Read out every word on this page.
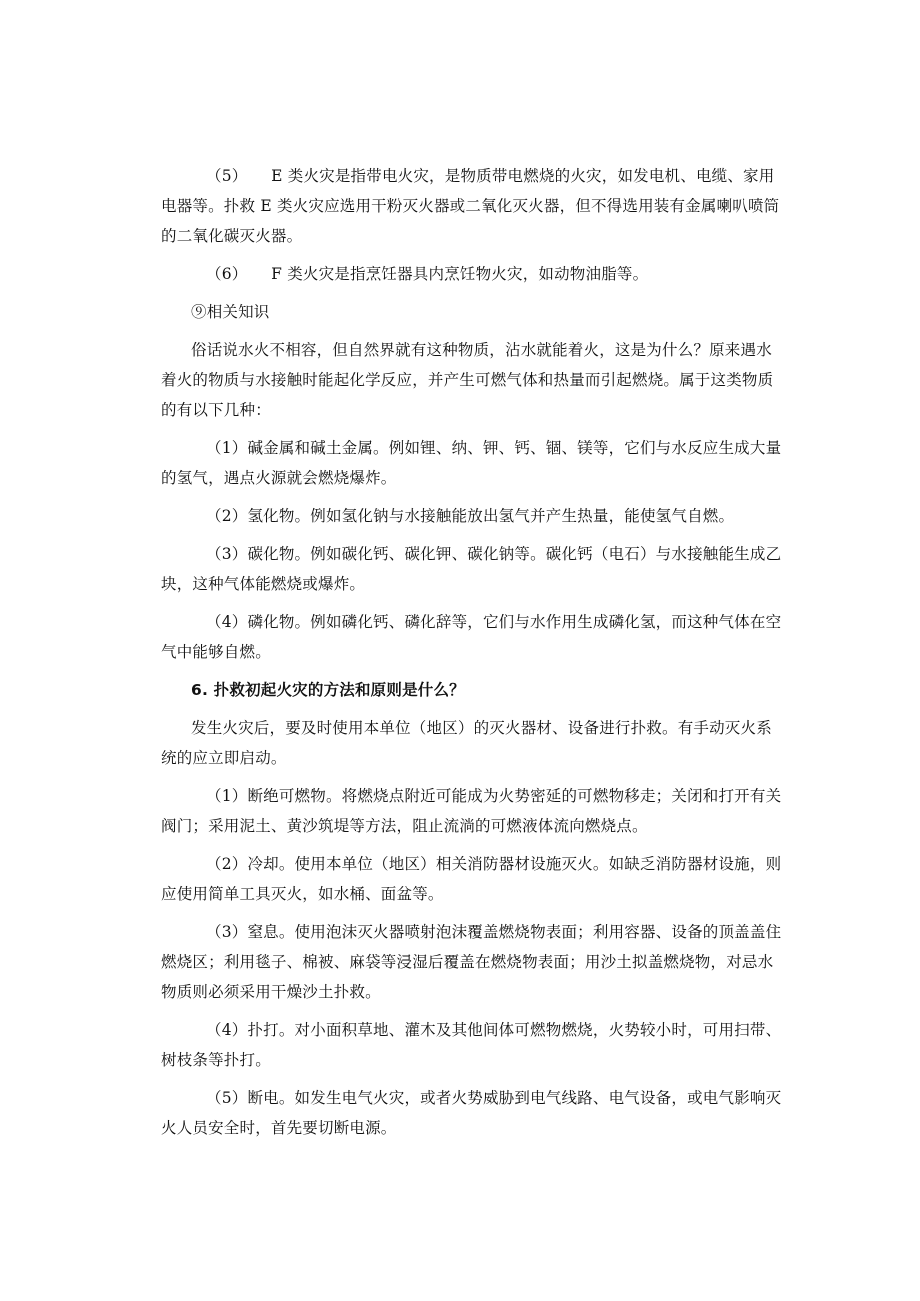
（5）　　E 类火灾是指带电火灾，是物质带电燃烧的火灾，如发电机、电缆、家用
电器等。扑救 E 类火灾应选用干粉灭火器或二氧化灭火器，但不得选用装有金属喇叭喷筒
的二氧化碳灭火器。
（6）　　F 类火灾是指烹饪器具内烹饪物火灾，如动物油脂等。
⑨相关知识
俗话说水火不相容，但自然界就有这种物质，沾水就能着火，这是为什么？原来遇水
着火的物质与水接触时能起化学反应，并产生可燃气体和热量而引起燃烧。属于这类物质
的有以下几种：
（1）碱金属和碱土金属。例如锂、纳、钾、钙、锢、镁等，它们与水反应生成大量
的氢气，遇点火源就会燃烧爆炸。
（2）氢化物。例如氢化钠与水接触能放出氢气并产生热量，能使氢气自燃。
（3）碳化物。例如碳化钙、碳化钾、碳化钠等。碳化钙（电石）与水接触能生成乙
块，这种气体能燃烧或爆炸。
（4）磷化物。例如磷化钙、磷化辞等，它们与水作用生成磷化氢，而这种气体在空
气中能够自燃。
6. 扑救初起火灾的方法和原则是什么？
发生火灾后，要及时使用本单位（地区）的灭火器材、设备进行扑救。有手动灭火系
统的应立即启动。
（1）断绝可燃物。将燃烧点附近可能成为火势密延的可燃物移走；关闭和打开有关
阀门；采用泥土、黄沙筑堤等方法，阻止流淌的可燃液体流向燃烧点。
（2）冷却。使用本单位（地区）相关消防器材设施灭火。如缺乏消防器材设施，则
应使用简单工具灭火，如水桶、面盆等。
（3）窒息。使用泡沫灭火器喷射泡沫覆盖燃烧物表面；利用容器、设备的顶盖盖住
燃烧区；利用毯子、棉被、麻袋等浸湿后覆盖在燃烧物表面；用沙土拟盖燃烧物，对忌水
物质则必须采用干燥沙土扑救。
（4）扑打。对小面积草地、灌木及其他间体可燃物燃烧，火势较小时，可用扫带、
树枝条等扑打。
（5）断电。如发生电气火灾，或者火势威胁到电气线路、电气设备，或电气影响灭
火人员安全时，首先要切断电源。
